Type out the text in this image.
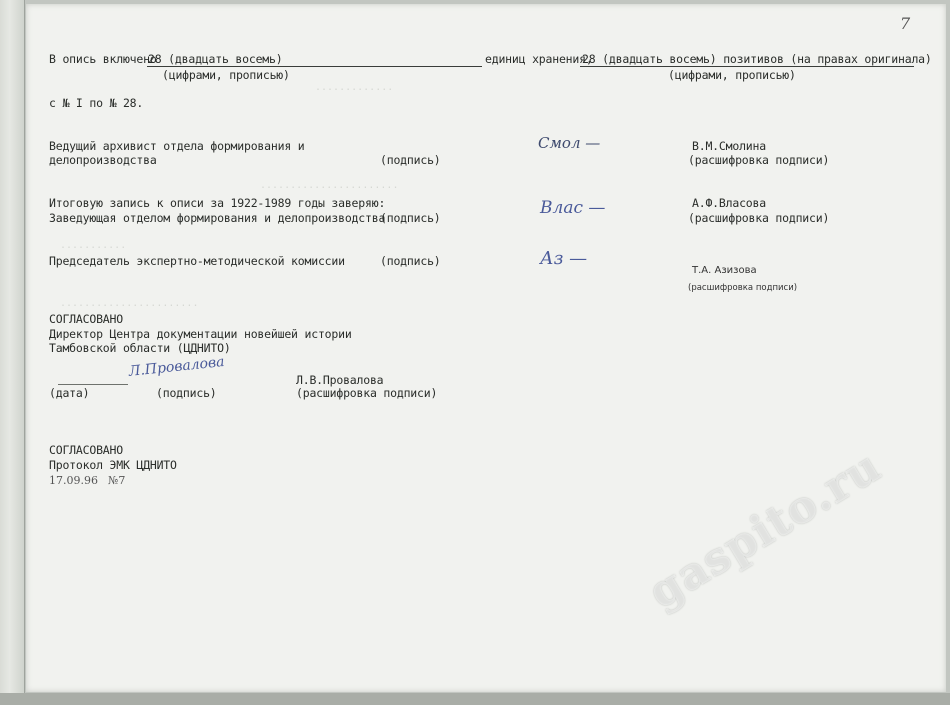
7
.............
...........
.......................
.......................
В опись включено
28 (двадцать восемь)	единиц хранения,
28 (двадцать восемь) позитивов (на правах оригинала)
(цифрами, прописью)	(цифрами, прописью)
с № I по № 28.
Ведущий архивист отдела формирования и
делопроизводства	(подпись)
Смол —	В.М.Смолина
(расшифровка подписи)
Итоговую запись к описи за 1922-1989 годы заверяю:
Заведующая отделом формирования и делопроизводства
(подпись)	Влас —	А.Ф.Власова
(расшифровка подписи)
Председатель экспертно-методической комиссии	(подпись)	Аз —
Т.А. Азизова
(расшифровка подписи)
СОГЛАСОВАНО
Директор Центра документации новейшей истории
Тамбовской области (ЦДНИТО)
Л.Провалова
(дата)	(подпись)
Л.В.Провалова
(расшифровка подписи)
СОГЛАСОВАНО
Протокол ЭМК ЦДНИТО
17.09.96 №7	gaspito.ru
